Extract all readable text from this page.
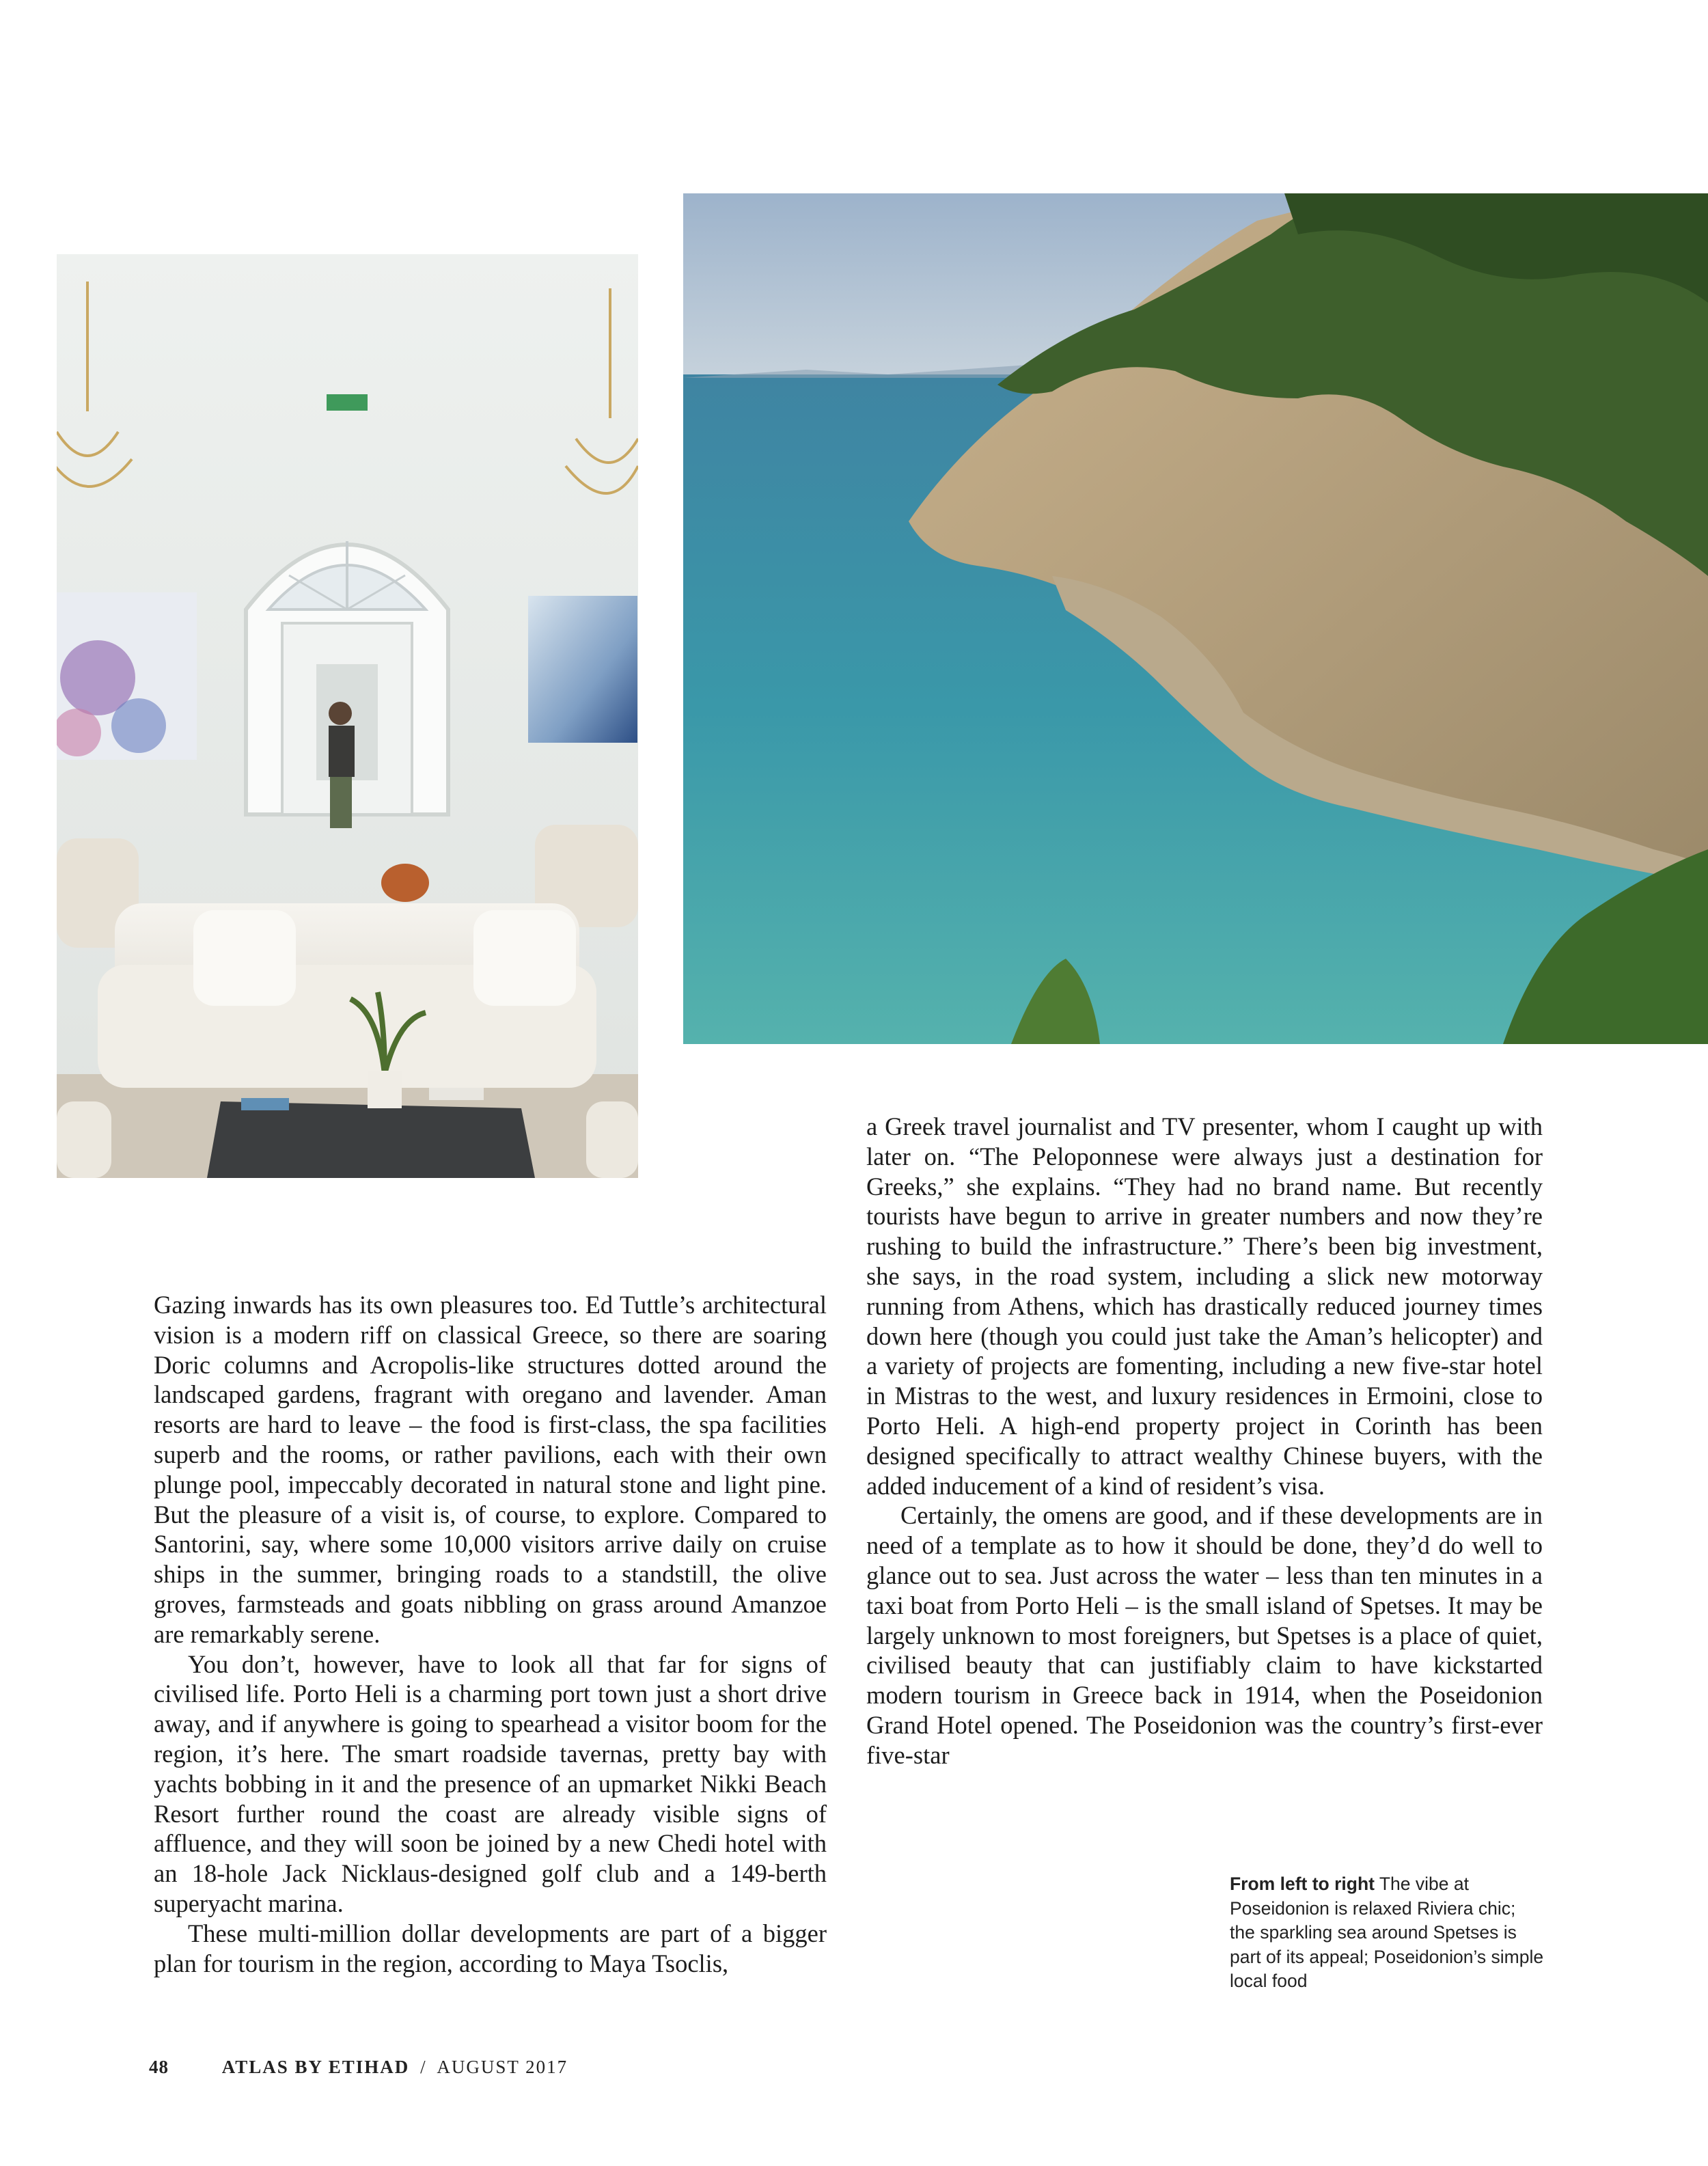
Gazing inwards has its own pleasures too. Ed Tuttle’s architectural vision is a modern riff on classical Greece, so there are soaring Doric columns and Acropolis-like structures dotted around the landscaped gardens, fragrant with oregano and lavender. Aman resorts are hard to leave – the food is first-class, the spa facilities superb and the rooms, or rather pavilions, each with their own plunge pool, impeccably decorated in natural stone and light pine. But the pleasure of a visit is, of course, to explore. Compared to Santorini, say, where some 10,000 visitors arrive daily on cruise ships in the summer, bringing roads to a standstill, the olive groves, farmsteads and goats nibbling on grass around Amanzoe are remarkably serene.

You don’t, however, have to look all that far for signs of civilised life. Porto Heli is a charming port town just a short drive away, and if anywhere is going to spearhead a visitor boom for the region, it’s here. The smart roadside tavernas, pretty bay with yachts bobbing in it and the presence of an upmarket Nikki Beach Resort further round the coast are already visible signs of affluence, and they will soon be joined by a new Chedi hotel with an 18-hole Jack Nicklaus-designed golf club and a 149-berth superyacht marina.

These multi-million dollar developments are part of a bigger plan for tourism in the region, according to Maya Tsoclis,

a Greek travel journalist and TV presenter, whom I caught up with later on. “The Peloponnese were always just a destination for Greeks,” she explains. “They had no brand name. But recently tourists have begun to arrive in greater numbers and now they’re rushing to build the infrastructure.” There’s been big investment, she says, in the road system, including a slick new motorway running from Athens, which has drastically reduced journey times down here (though you could just take the Aman’s helicopter) and a variety of projects are fomenting, including a new five-star hotel in Mistras to the west, and luxury residences in Ermoini, close to Porto Heli. A high-end property project in Corinth has been designed specifically to attract wealthy Chinese buyers, with the added inducement of a kind of resident’s visa.

Certainly, the omens are good, and if these developments are in need of a template as to how it should be done, they’d do well to glance out to sea. Just across the water – less than ten minutes in a taxi boat from Porto Heli – is the small island of Spetses. It may be largely unknown to most foreigners, but Spetses is a place of quiet, civilised beauty that can justifiably claim to have kickstarted modern tourism in Greece back in 1914, when the Poseidonion Grand Hotel opened. The Poseidonion was the country’s first-ever five-star

From left to right The vibe at Poseidonion is relaxed Riviera chic; the sparkling sea around Spetses is part of its appeal; Poseidonion’s simple local food
48	ATLAS BY ETIHAD / AUGUST 2017
